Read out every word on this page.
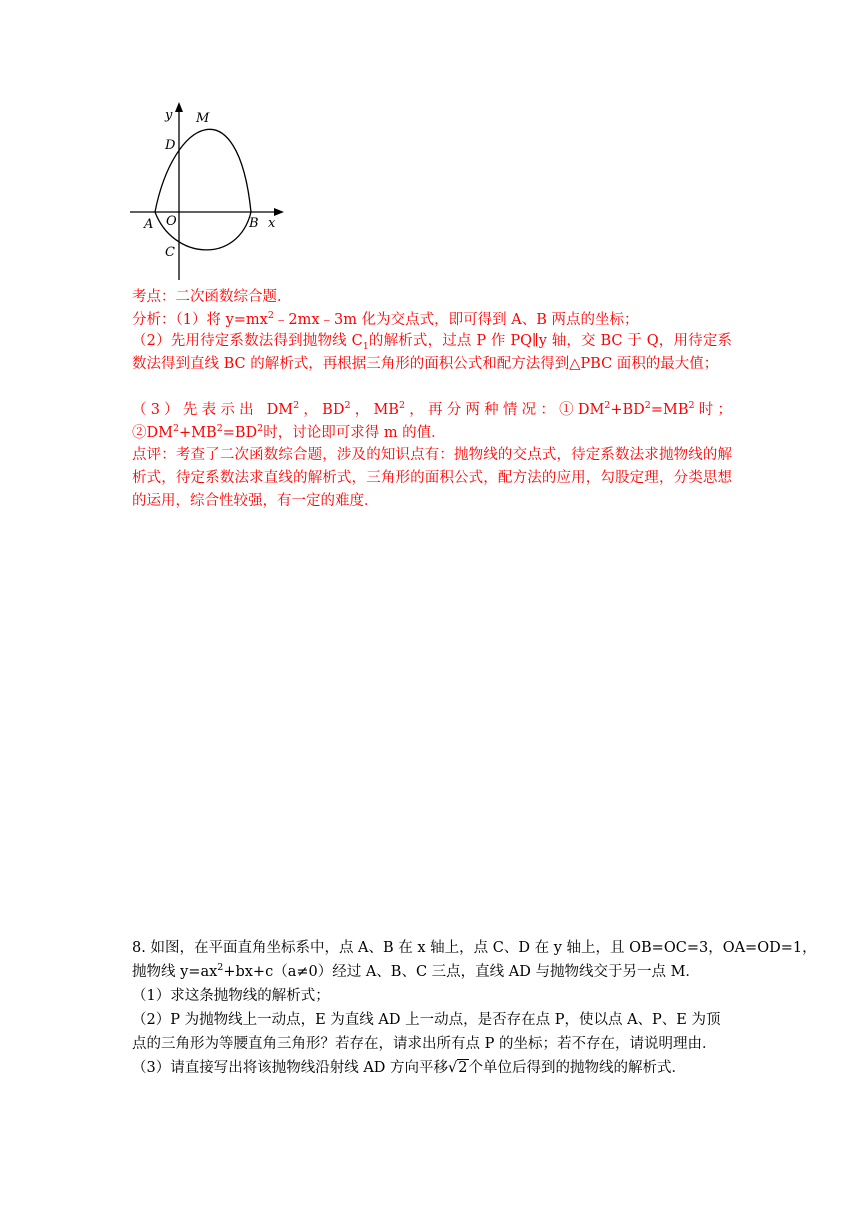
y M
D
A O	B x
C
考点：二次函数综合题．
分析：（1）将 $y=mx^2﹣2mx﹣3m$ 化为交点式，即可得到 A、B 两点的坐标；
（2）先用待定系数法得到抛物线 $C_1$的解析式，过点 P 作 PQ∥y 轴，交 BC 于 Q，用待定系数法得到直线 BC 的解析式，再根据三角形的面积公式和配方法得到△PBC 面积的最大值；
（3）先表示出 $DM^2$，$BD^2$，$MB^2$，再分两种情况：$①DM^2+BD^2=MB^2$时；$②DM^2+MB^2=BD^2$时，讨论即可求得 m 的值．
点评：考查了二次函数综合题，涉及的知识点有：抛物线的交点式，待定系数法求抛物线的解析式，待定系数法求直线的解析式，三角形的面积公式，配方法的应用，勾股定理，分类思想的运用，综合性较强，有一定的难度．
8. 如图，在平面直角坐标系中，点 A、B 在 x 轴上，点 C、D 在 y 轴上，且 OB=OC=3，OA=OD=1，
抛物线 $y=ax^2+bx+c(a\ne 0)$经过 A、B、C 三点，直线 AD 与抛物线交于另一点 M．
（1）求这条抛物线的解析式；
（2）P 为抛物线上一动点，E 为直线 AD 上一动点，是否存在点 P，使以点 A、P、E 为顶
点的三角形为等腰直角三角形？若存在，请求出所有点 P 的坐标；若不存在，请说明理由．
（3）请直接写出将该抛物线沿射线 AD 方向平移√2个单位后得到的抛物线的解析式．
